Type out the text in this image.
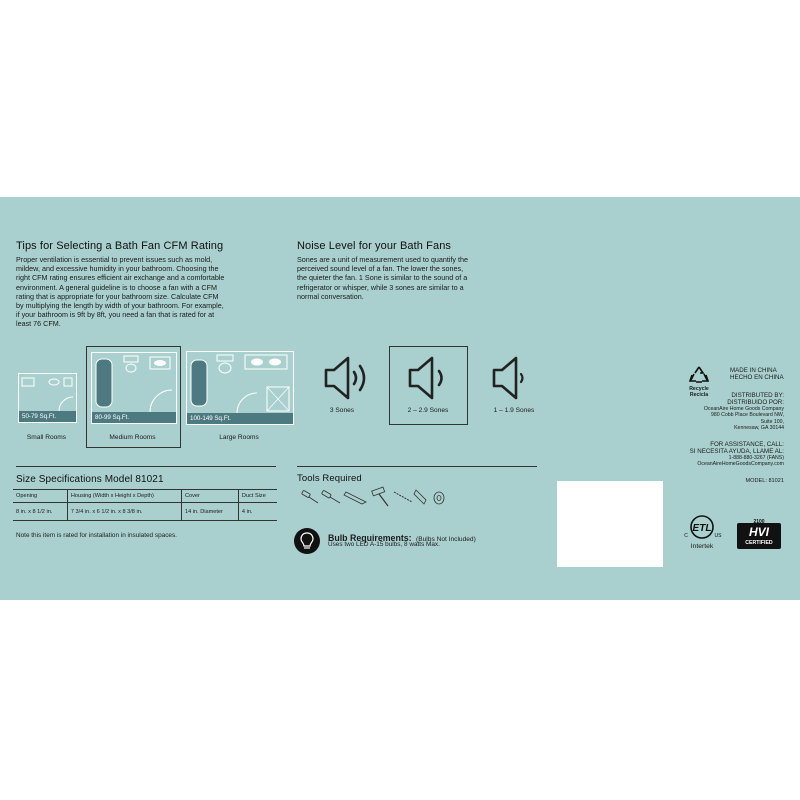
Tips for Selecting a Bath Fan CFM Rating
Proper ventilation is essential to prevent issues such as mold,
mildew, and excessive humidity in your bathroom. Choosing the
right CFM rating ensures efficient air exchange and a comfortable
environment. A general guideline is to choose a fan with a CFM
rating that is appropriate for your bathroom size. Calculate CFM
by multiplying the length by width of your bathroom. For example,
if your bathroom is 9ft by 8ft, you need a fan that is rated for at
least 76 CFM.
50-79 Sq.Ft.
Small Rooms
80-99 Sq.Ft.
Medium Rooms
100-149 Sq.Ft.
Large Rooms
Noise Level for your Bath Fans
Sones are a unit of measurement used to quantify the
perceived sound level of a fan. The lower the sones,
the quieter the fan. 1 Sone is similar to the sound of a
refrigerator or whisper, while 3 sones are similar to a
normal conversation.
3 Sones	2 – 2.9 Sones	1 – 1.9 Sones
Size Specifications Model 81021
Opening	Housing (Width x Height x Depth)	Cover	Duct Size
8 in. x 8 1/2 in.	7 3/4 in. x 6 1/2 in. x 8 3/8 in.	14 in. Diameter	4 in.
Note this item is rated for installation in insulated spaces.
Tools Required
Bulb Requirements: (Bulbs Not Included)
Uses two LED A-15 bulbs, 8 watts Max.
Recycle
Recicla
MADE IN CHINA
HECHO EN CHINA
DISTRIBUTED BY:
DISTRIBUIDO POR:
OceanAire Home Goods Company
980 Cobb Place Boulevard NW,
Suite 100,
Kennesaw, GA 30144
FOR ASSISTANCE, CALL:
SI NECESITA AYUDA, LLAME AL:
1-888-880-3267 (FANS)
OceanAireHomeGoodsCompany.com
MODEL: 81021
ETL
C	US
Intertek
2100
HVI
CERTIFIED
